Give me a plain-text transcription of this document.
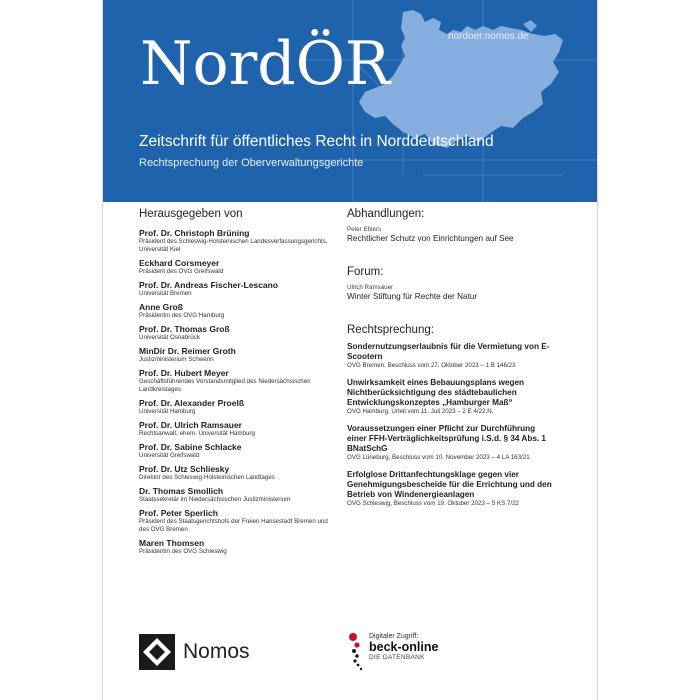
nordoer.nomos.de
NordÖR
Zeitschrift für öffentliches Recht in Norddeutschland
Rechtsprechung der Oberverwaltungsgerichte
Herausgegeben von
Prof. Dr. Christoph Brüning
Präsident des Schleswig-Holsteinischen Landesverfassungsgerichts, Universität Kiel
Eckhard Corsmeyer
Präsident des OVG Greifswald
Prof. Dr. Andreas Fischer-Lescano
Universität Bremen
Anne Groß
Präsidentin des OVG Hamburg
Prof. Dr. Thomas Groß
Universität Osnabrück
MinDir Dr. Reimer Groth
Justizministerium Schwerin
Prof. Dr. Hubert Meyer
Geschäftsführendes Vorstandsmitglied des Niedersächsischen Landkreistages
Prof. Dr. Alexander Proelß
Universität Hamburg
Prof. Dr. Ulrich Ramsauer
Rechtsanwalt, ehem. Universität Hamburg
Prof. Dr. Sabine Schlacke
Universität Greifswald
Prof. Dr. Utz Schliesky
Direktor des Schleswig-Holsteinischen Landtages
Dr. Thomas Smollich
Staatssekretär im Niedersächsischen Justizministerium
Prof. Peter Sperlich
Präsident des Staatsgerichtshofs der Freien Hansestadt Bremen und des OVG Bremen
Maren Thomsen
Präsidentin des OVG Schleswig
Abhandlungen:
Peter Ehlers
Rechtlicher Schutz von Einrichtungen auf See
Forum:
Ulrich Ramsauer
Winter Stiftung für Rechte der Natur
Rechtsprechung:
Sondernutzungserlaubnis für die Vermietung von E-Scootern
OVG Bremen, Beschluss vom 27. Oktober 2023 – 1 B 146/23
Unwirksamkeit eines Bebauungsplans wegen Nichtberücksichtigung des städtebaulichen Entwicklungskonzeptes „Hamburger Maß“
OVG Hamburg, Urteil vom 11. Juli 2023 – 2 E 4/22.N.
Voraussetzungen einer Pflicht zur Durchführung einer FFH-Verträglichkeitsprüfung i.S.d. § 34 Abs. 1 BNatSchG
OVG Lüneburg, Beschluss vom 10. November 2023 – 4 LA 163/21
Erfolglose Drittanfechtungsklage gegen vier Genehmigungsbescheide für die Errichtung und den Betrieb von Windenergieanlagen
OVG Schleswig, Beschluss vom 19. Oktober 2023 – 5 KS 7/22
Nomos
Digitaler Zugriff:
beck-online
DIE DATENBANK
